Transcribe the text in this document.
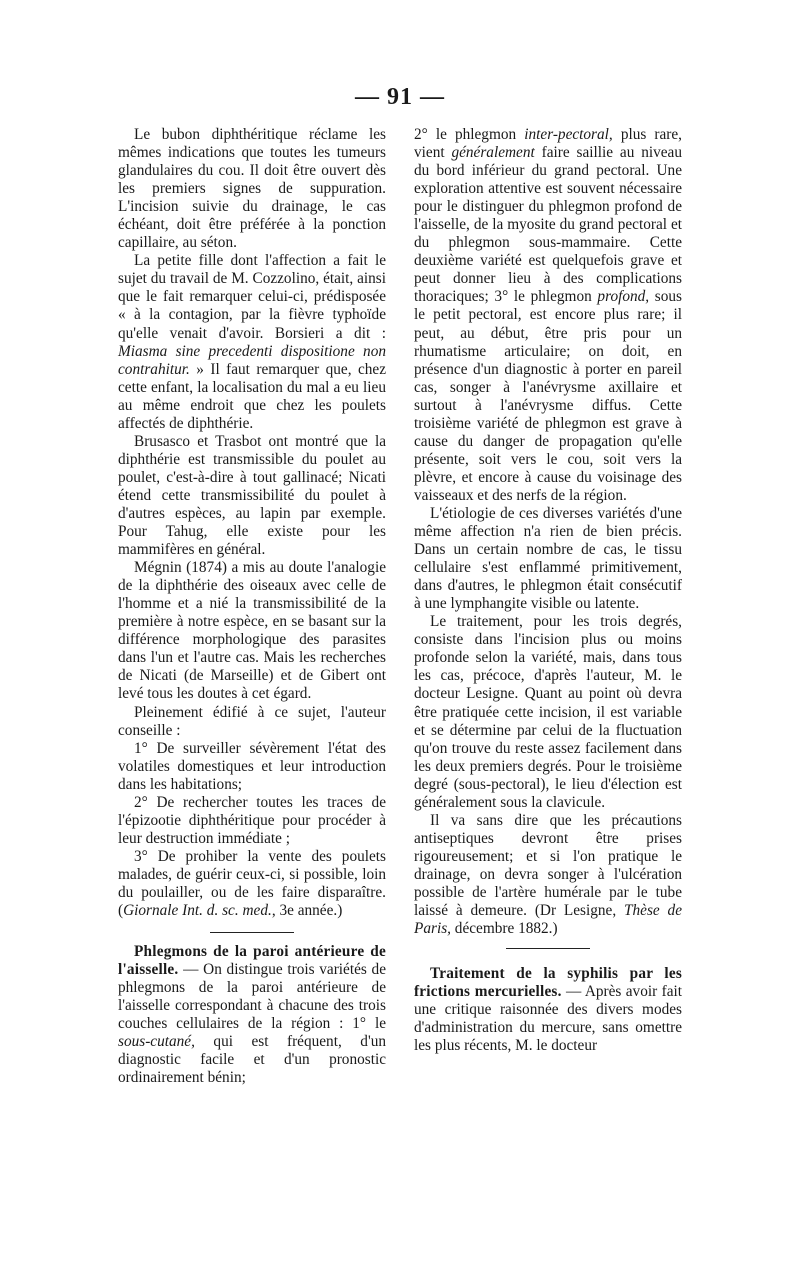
— 91 —

Le bubon diphthéritique réclame les mêmes indications que toutes les tumeurs glandulaires du cou. Il doit être ouvert dès les premiers signes de suppuration. L'incision suivie du drainage, le cas échéant, doit être préférée à la ponction capillaire, au séton.

La petite fille dont l'affection a fait le sujet du travail de M. Cozzolino, était, ainsi que le fait remarquer celui-ci, prédisposée « à la contagion, par la fièvre typhoïde qu'elle venait d'avoir. Borsieri a dit : Miasma sine precedenti dispositione non contrahitur. » Il faut remarquer que, chez cette enfant, la localisation du mal a eu lieu au même endroit que chez les poulets affectés de diphthérie.

Brusasco et Trasbot ont montré que la diphthérie est transmissible du poulet au poulet, c'est-à-dire à tout gallinacé; Nicati étend cette transmissibilité du poulet à d'autres espèces, au lapin par exemple. Pour Tahug, elle existe pour les mammifères en général.

Mégnin (1874) a mis au doute l'analogie de la diphthérie des oiseaux avec celle de l'homme et a nié la transmissibilité de la première à notre espèce, en se basant sur la différence morphologique des parasites dans l'un et l'autre cas. Mais les recherches de Nicati (de Marseille) et de Gibert ont levé tous les doutes à cet égard.

Pleinement édifié à ce sujet, l'auteur conseille :

1° De surveiller sévèrement l'état des volatiles domestiques et leur introduction dans les habitations;

2° De rechercher toutes les traces de l'épizootie diphthéritique pour procéder à leur destruction immédiate ;

3° De prohiber la vente des poulets malades, de guérir ceux-ci, si possible, loin du poulailler, ou de les faire disparaître. (Giornale Int. d. sc. med., 3e année.)

Phlegmons de la paroi antérieure de l'aisselle. — On distingue trois variétés de phlegmons de la paroi antérieure de l'aisselle correspondant à chacune des trois couches cellulaires de la région : 1° le sous-cutané, qui est fréquent, d'un diagnostic facile et d'un pronostic ordinairement bénin;

2° le phlegmon inter-pectoral, plus rare, vient généralement faire saillie au niveau du bord inférieur du grand pectoral. Une exploration attentive est souvent nécessaire pour le distinguer du phlegmon profond de l'aisselle, de la myosite du grand pectoral et du phlegmon sous-mammaire. Cette deuxième variété est quelquefois grave et peut donner lieu à des complications thoraciques; 3° le phlegmon profond, sous le petit pectoral, est encore plus rare; il peut, au début, être pris pour un rhumatisme articulaire; on doit, en présence d'un diagnostic à porter en pareil cas, songer à l'anévrysme axillaire et surtout à l'anévrysme diffus. Cette troisième variété de phlegmon est grave à cause du danger de propagation qu'elle présente, soit vers le cou, soit vers la plèvre, et encore à cause du voisinage des vaisseaux et des nerfs de la région.

L'étiologie de ces diverses variétés d'une même affection n'a rien de bien précis. Dans un certain nombre de cas, le tissu cellulaire s'est enflammé primitivement, dans d'autres, le phlegmon était consécutif à une lymphangite visible ou latente.

Le traitement, pour les trois degrés, consiste dans l'incision plus ou moins profonde selon la variété, mais, dans tous les cas, précoce, d'après l'auteur, M. le docteur Lesigne. Quant au point où devra être pratiquée cette incision, il est variable et se détermine par celui de la fluctuation qu'on trouve du reste assez facilement dans les deux premiers degrés. Pour le troisième degré (sous-pectoral), le lieu d'élection est généralement sous la clavicule.

Il va sans dire que les précautions antiseptiques devront être prises rigoureusement; et si l'on pratique le drainage, on devra songer à l'ulcération possible de l'artère humérale par le tube laissé à demeure. (Dr Lesigne, Thèse de Paris, décembre 1882.)

Traitement de la syphilis par les frictions mercurielles. — Après avoir fait une critique raisonnée des divers modes d'administration du mercure, sans omettre les plus récents, M. le docteur
